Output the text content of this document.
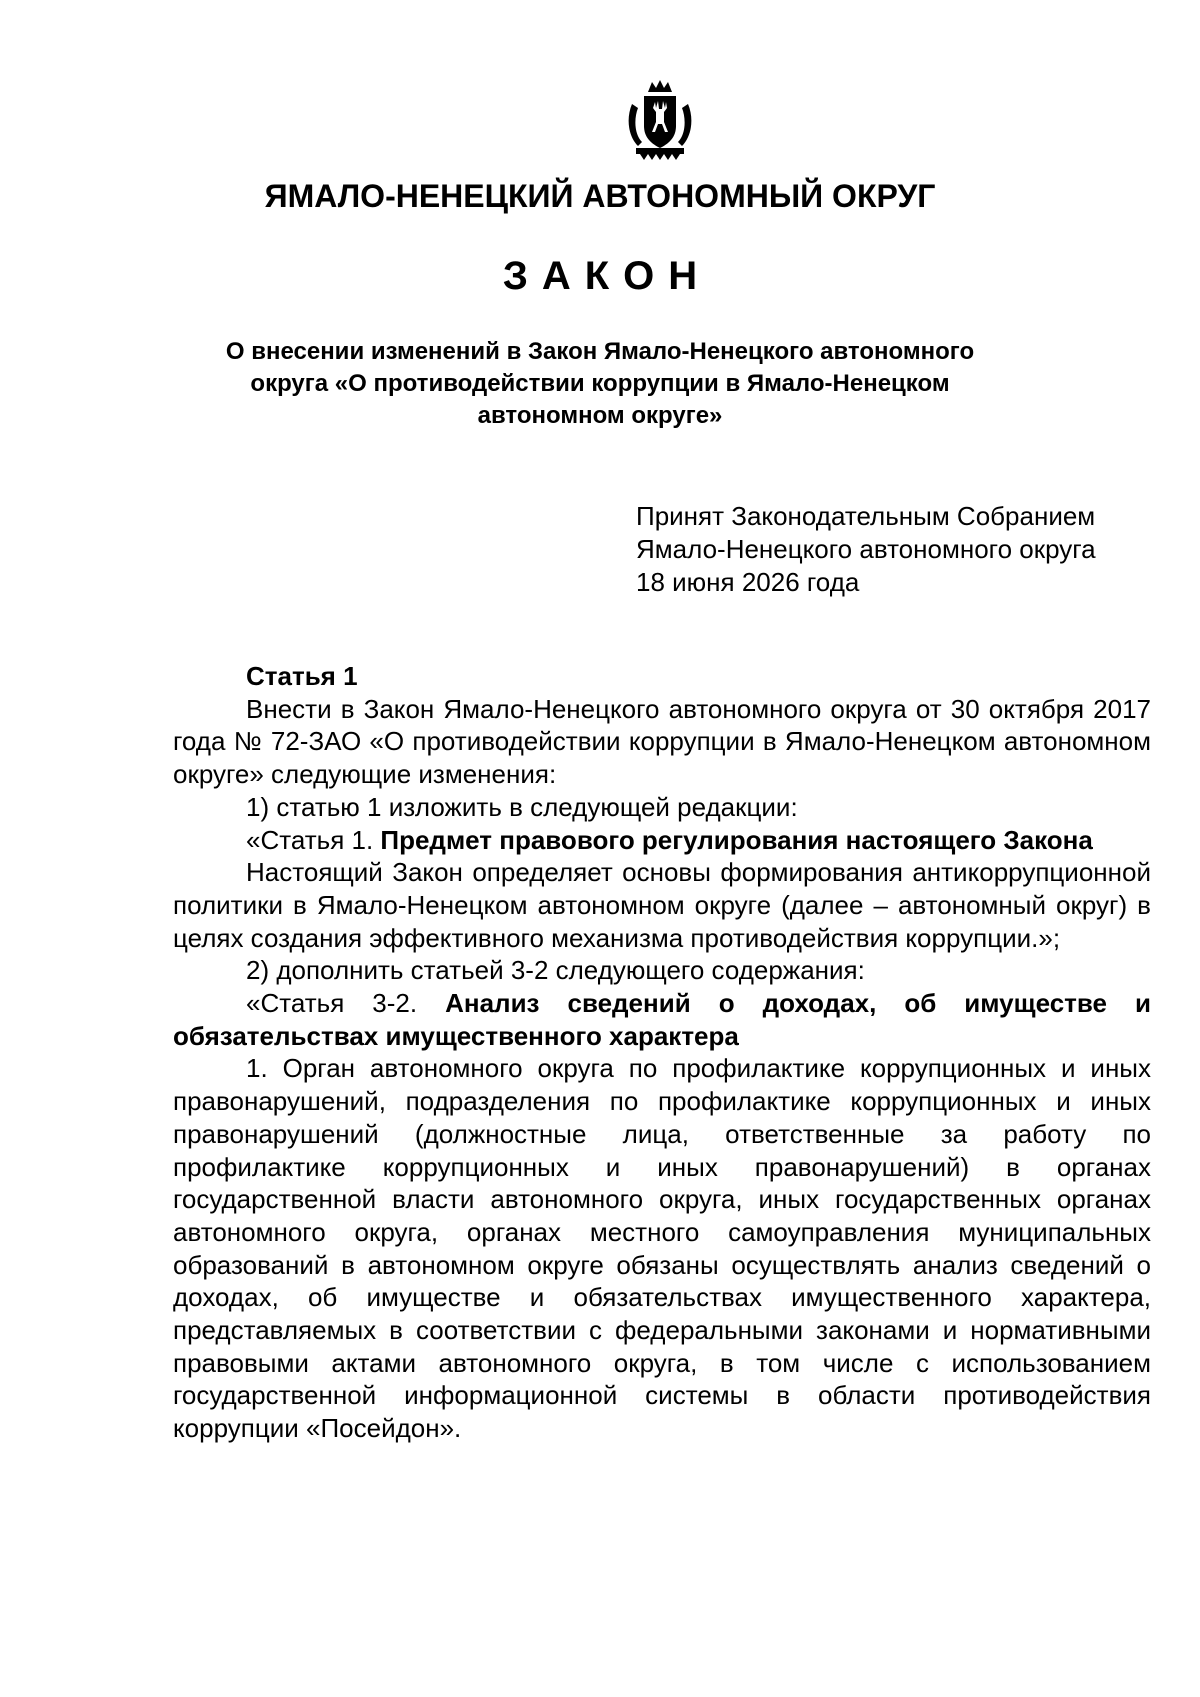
ЯМАЛО-НЕНЕЦКИЙ АВТОНОМНЫЙ ОКРУГ
ЗАКОН
О внесении изменений в Закон Ямало-Ненецкого автономного округа «О противодействии коррупции в Ямало-Ненецком автономном округе»
Принят Законодательным Собранием
Ямало-Ненецкого автономного округа
18 июня 2026 года

Статья 1

Внести в Закон Ямало-Ненецкого автономного округа от 30 октября 2017 года № 72-ЗАО «О противодействии коррупции в Ямало-Ненецком автономном округе» следующие изменения:

1) статью 1 изложить в следующей редакции:

«Статья 1. Предмет правового регулирования настоящего Закона

Настоящий Закон определяет основы формирования антикоррупционной политики в Ямало-Ненецком автономном округе (далее – автономный округ) в целях создания эффективного механизма противодействия коррупции.»;

2) дополнить статьей 3-2 следующего содержания:

«Статья 3-2. Анализ сведений о доходах, об имуществе и обязательствах имущественного характера

1. Орган автономного округа по профилактике коррупционных и иных правонарушений, подразделения по профилактике коррупционных и иных правонарушений (должностные лица, ответственные за работу по профилактике коррупционных и иных правонарушений) в органах государственной власти автономного округа, иных государственных органах автономного округа, органах местного самоуправления муниципальных образований в автономном округе обязаны осуществлять анализ сведений о доходах, об имуществе и обязательствах имущественного характера, представляемых в соответствии с федеральными законами и нормативными правовыми актами автономного округа, в том числе с использованием государственной информационной системы в области противодействия коррупции «Посейдон».
